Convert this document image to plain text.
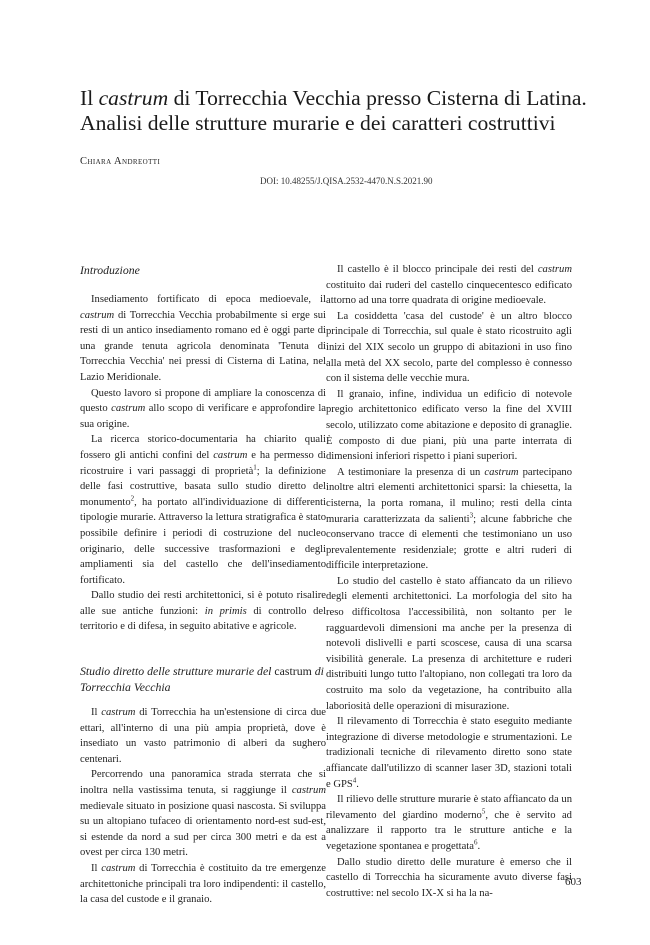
Il castrum di Torrecchia Vecchia presso Cisterna di Latina. Analisi delle strutture murarie e dei caratteri costruttivi
Chiara Andreotti
DOI: 10.48255/J.QISA.2532-4470.N.S.2021.90
Introduzione

Insediamento fortificato di epoca medioevale, il castrum di Torrecchia Vecchia probabilmente si erge sui resti di un antico insediamento romano ed è oggi parte di una grande tenuta agricola denominata 'Tenuta di Torrecchia Vecchia' nei pressi di Cisterna di Latina, nel Lazio Meridionale.

Questo lavoro si propone di ampliare la conoscenza di questo castrum allo scopo di verificare e approfondire la sua origine.

La ricerca storico-documentaria ha chiarito quali fossero gli antichi confini del castrum e ha permesso di ricostruire i vari passaggi di proprietà$^1$; la definizione delle fasi costruttive, basata sullo studio diretto del monumento$^2$, ha portato all'individuazione di differenti tipologie murarie. Attraverso la lettura stratigrafica è stato possibile definire i periodi di costruzione del nucleo originario, delle successive trasformazioni e degli ampliamenti sia del castello che dell'insediamento fortificato.

Dallo studio dei resti architettonici, si è potuto risalire alle sue antiche funzioni: in primis di controllo del territorio e di difesa, in seguito abitative e agricole.

Studio diretto delle strutture murarie del castrum di Torrecchia Vecchia

Il castrum di Torrecchia ha un'estensione di circa due ettari, all'interno di una più ampia proprietà, dove è insediato un vasto patrimonio di alberi da sughero centenari.

Percorrendo una panoramica strada sterrata che si inoltra nella vastissima tenuta, si raggiunge il castrum medievale situato in posizione quasi nascosta. Si sviluppa su un altopiano tufaceo di orientamento nord-est sud-est, si estende da nord a sud per circa 300 metri e da est a ovest per circa 130 metri.

Il castrum di Torrecchia è costituito da tre emergenze architettoniche principali tra loro indipendenti: il castello, la casa del custode e il granaio.

Il castello è il blocco principale dei resti del castrum costituito dai ruderi del castello cinquecentesco edificato attorno ad una torre quadrata di origine medioevale.

La cosiddetta 'casa del custode' è un altro blocco principale di Torrecchia, sul quale è stato ricostruito agli inizi del XIX secolo un gruppo di abitazioni in uso fino alla metà del XX secolo, parte del complesso è connesso con il sistema delle vecchie mura.

Il granaio, infine, individua un edificio di notevole pregio architettonico edificato verso la fine del XVIII secolo, utilizzato come abitazione e deposito di granaglie. È composto di due piani, più una parte interrata di dimensioni inferiori rispetto i piani superiori.

A testimoniare la presenza di un castrum partecipano inoltre altri elementi architettonici sparsi: la chiesetta, la cisterna, la porta romana, il mulino; resti della cinta muraria caratterizzata da salienti$^3$; alcune fabbriche che conservano tracce di elementi che testimoniano un uso prevalentemente residenziale; grotte e altri ruderi di difficile interpretazione.

Lo studio del castello è stato affiancato da un rilievo degli elementi architettonici. La morfologia del sito ha reso difficoltosa l'accessibilità, non soltanto per le ragguardevoli dimensioni ma anche per la presenza di notevoli dislivelli e parti scoscese, causa di una scarsa visibilità generale. La presenza di architetture e ruderi distribuiti lungo tutto l'altopiano, non collegati tra loro da costruito ma solo da vegetazione, ha contribuito alla laboriosità delle operazioni di misurazione.

Il rilevamento di Torrecchia è stato eseguito mediante integrazione di diverse metodologie e strumentazioni. Le tradizionali tecniche di rilevamento diretto sono state affiancate dall'utilizzo di scanner laser 3D, stazioni totali e GPS$^4$.

Il rilievo delle strutture murarie è stato affiancato da un rilevamento del giardino moderno$^5$, che è servito ad analizzare il rapporto tra le strutture antiche e la vegetazione spontanea e progettata$^6$.

Dallo studio diretto delle murature è emerso che il castello di Torrecchia ha sicuramente avuto diverse fasi costruttive: nel secolo IX-X si ha la na-

603
